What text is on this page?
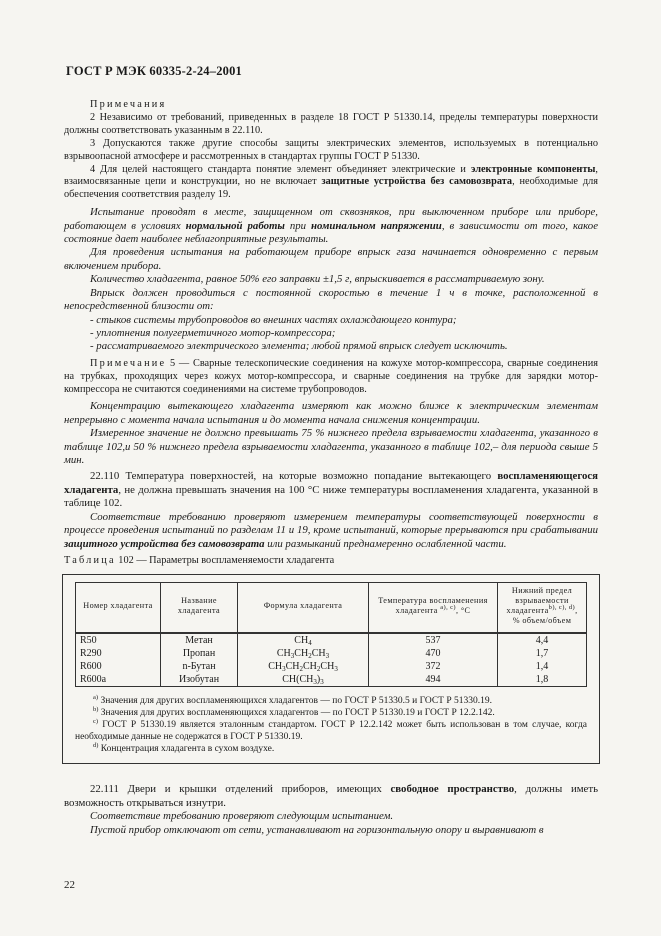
ГОСТ Р МЭК 60335-2-24–2001

Примечания

2 Независимо от требований, приведенных в разделе 18 ГОСТ Р 51330.14, пределы температуры поверхности должны соответствовать указанным в 22.110.

3 Допускаются также другие способы защиты электрических элементов, используемых в потенциально взрывоопасной атмосфере и рассмотренных в стандартах группы ГОСТ Р 51330.

4 Для целей настоящего стандарта понятие элемент объединяет электрические и электронные компоненты, взаимосвязанные цепи и конструкции, но не включает защитные устройства без самовозврата, необходимые для обеспечения соответствия разделу 19.

Испытание проводят в месте, защищенном от сквозняков, при выключенном приборе или приборе, работающем в условиях нормальной работы при номинальном напряжении, в зависимости от того, какое состояние дает наиболее неблагоприятные результаты.

Для проведения испытания на работающем приборе впрыск газа начинается одновременно с первым включением прибора.

Количество хладагента, равное 50% его заправки ±1,5 г, впрыскивается в рассматриваемую зону.

Впрыск должен проводиться с постоянной скоростью в течение 1 ч в точке, расположенной в непосредственной близости от:

- стыков системы трубопроводов во внешних частях охлаждающего контура;

- уплотнения полугерметичного мотор-компрессора;

- рассматриваемого электрического элемента; любой прямой впрыск следует исключить.

Примечание 5 — Сварные телескопические соединения на кожухе мотор-компрессора, сварные соединения на трубках, проходящих через кожух мотор-компрессора, и сварные соединения на трубке для зарядки мотор-компрессора не считаются соединениями на системе трубопроводов.

Концентрацию вытекающего хладагента измеряют как можно ближе к электрическим элементам непрерывно с момента начала испытания и до момента начала снижения концентрации.

Измеренное значение не должно превышать 75 % нижнего предела взрываемости хладагента, указанного в таблице 102,и 50 % нижнего предела взрываемости хладагента, указанного в таблице 102,– для периода свыше 5 мин.

22.110 Температура поверхностей, на которые возможно попадание вытекающего воспламеняющегося хладагента, не должна превышать значения на 100 °С ниже температуры воспламенения хладагента, указанной в таблице 102.

Соответствие требованию проверяют измерением температуры соответствующей поверхности в процессе проведения испытаний по разделам 11 и 19, кроме испытаний, которые прерываются при срабатывании защитного устройства без самовозврата или размыканий преднамеренно ослабленной части.

Таблица 102 — Параметры воспламеняемости хладагента

Номер хладагента	Название хладагента	Формула хладагента	Температура воспламенения хладагента $^{а), с)}$, °С	Нижний предел взрываемости хладагента$^{b), с), d)}$,
% объем/объем
R50	Метан	$CH_4$	537	4,4
R290	Пропан	$CH_3CH_2CH_3$	470	1,7
R600	n-Бутан	$CH_3CH_2CH_2CH_3$	372	1,4
R600a	Изобутан	$CH(CH_3)_3$	494	1,8

$^{а)}$ Значения для других воспламеняющихся хладагентов — по ГОСТ Р 51330.5 и ГОСТ Р 51330.19.

$^{b)}$ Значения для других воспламеняющихся хладагентов — по ГОСТ Р 51330.19 и ГОСТ Р 12.2.142.

$^{с)}$ ГОСТ Р 51330.19 является эталонным стандартом. ГОСТ Р 12.2.142 может быть использован в том случае, когда необходимые данные не содержатся в ГОСТ Р 51330.19.

$^{d)}$ Концентрация хладагента в сухом воздухе.

22.111 Двери и крышки отделений приборов, имеющих свободное пространство, должны иметь возможность открываться изнутри.

Соответствие требованию проверяют следующим испытанием.

Пустой прибор отключают от сети, устанавливают на горизонтальную опору и выравнивают в

22
